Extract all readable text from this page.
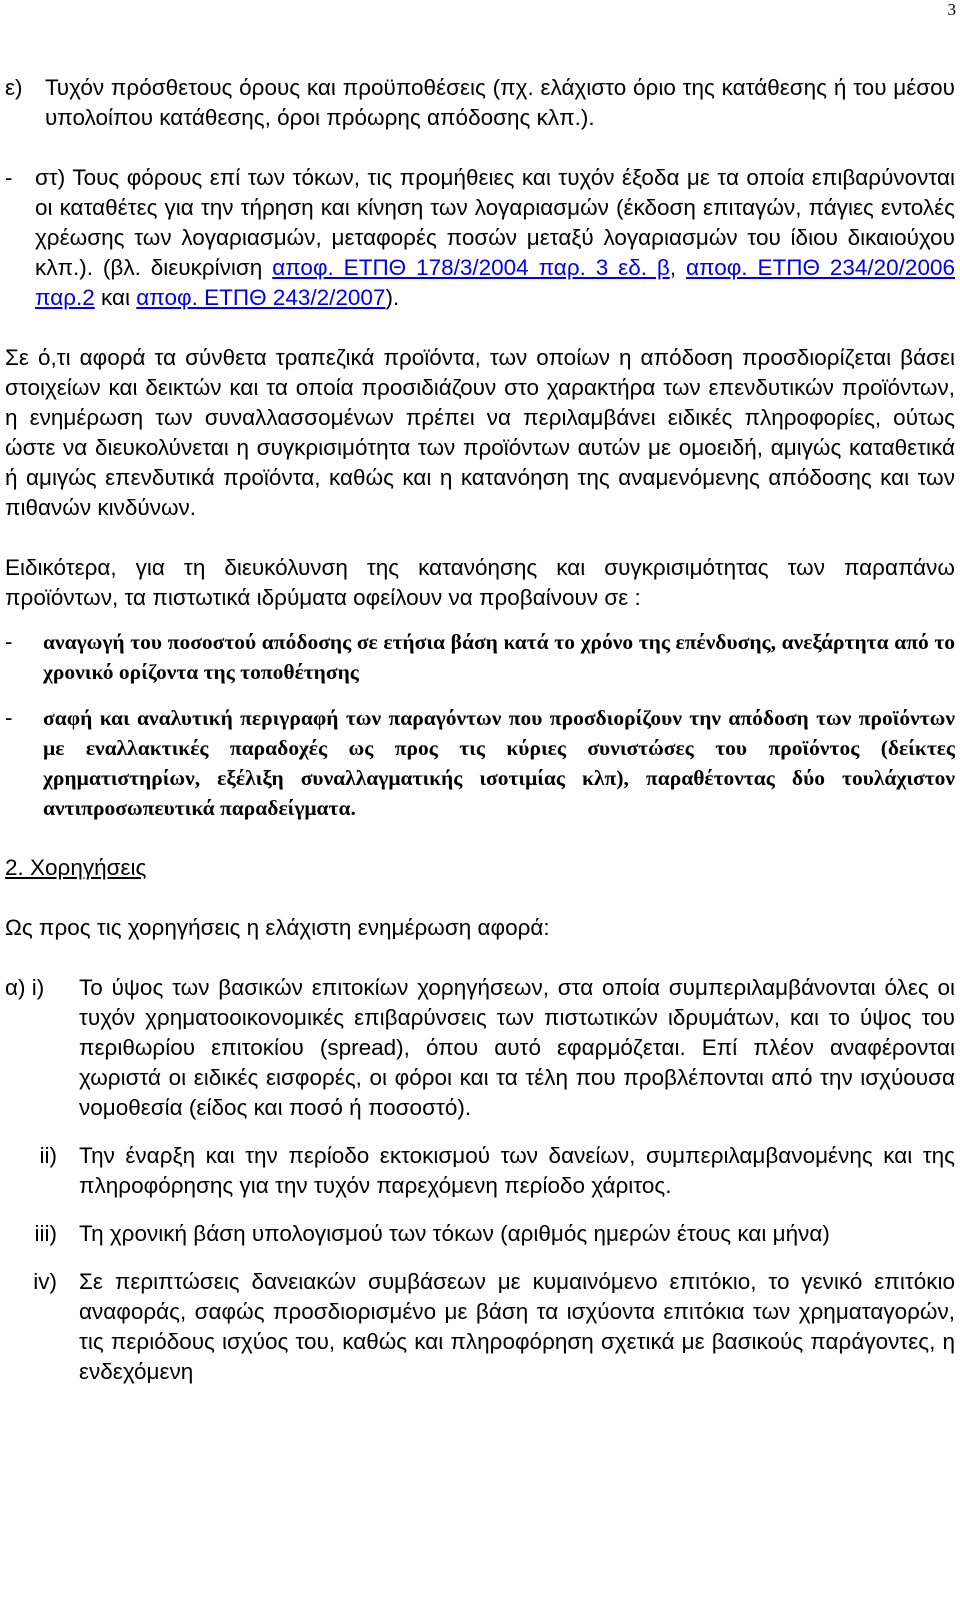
3
ε) Τυχόν πρόσθετους όρους και προϋποθέσεις (πχ. ελάχιστο όριο της κατάθεσης ή του μέσου υπολοίπου κατάθεσης, όροι πρόωρης απόδοσης κλπ.).

-	στ) Τους φόρους επί των τόκων, τις προμήθειες και τυχόν έξοδα με τα οποία επιβαρύνονται οι καταθέτες για την τήρηση και κίνηση των λογαριασμών (έκδοση επιταγών, πάγιες εντολές χρέωσης των λογαριασμών, μεταφορές ποσών μεταξύ λογαριασμών του ίδιου δικαιούχου κλπ.). (βλ. διευκρίνιση αποφ. ΕΤΠΘ 178/3/2004 παρ. 3 εδ. β, αποφ. ΕΤΠΘ 234/20/2006 παρ.2 και αποφ. ΕΤΠΘ 243/2/2007).

Σε ό,τι αφορά τα σύνθετα τραπεζικά προϊόντα, των οποίων η απόδοση προσδιορίζεται βάσει στοιχείων και δεικτών και τα οποία προσιδιάζουν στο χαρακτήρα των επενδυτικών προϊόντων, η ενημέρωση των συναλλασσομένων πρέπει να περιλαμβάνει ειδικές πληροφορίες, ούτως ώστε να διευκολύνεται η συγκρισιμότητα των προϊόντων αυτών με ομοειδή, αμιγώς καταθετικά ή αμιγώς επενδυτικά προϊόντα, καθώς και η κατανόηση της αναμενόμενης απόδοσης και των πιθανών κινδύνων.

Ειδικότερα, για τη διευκόλυνση της κατανόησης και συγκρισιμότητας των παραπάνω προϊόντων, τα πιστωτικά ιδρύματα οφείλουν να προβαίνουν σε :

-	αναγωγή του ποσοστού απόδοσης σε ετήσια βάση κατά το χρόνο της επένδυσης, ανεξάρτητα από το χρονικό ορίζοντα της τοποθέτησης

-	σαφή και αναλυτική περιγραφή των παραγόντων που προσδιορίζουν την απόδοση των προϊόντων με εναλλακτικές παραδοχές ως προς τις κύριες συνιστώσες του προϊόντος (δείκτες χρηματιστηρίων, εξέλιξη συναλλαγματικής ισοτιμίας κλπ), παραθέτοντας δύο τουλάχιστον αντιπροσωπευτικά παραδείγματα.

2. Χορηγήσεις

Ως προς τις χορηγήσεις η ελάχιστη ενημέρωση αφορά:

α) i)	Το ύψος των βασικών επιτοκίων χορηγήσεων, στα οποία συμπεριλαμβάνονται όλες οι τυχόν χρηματοοικονομικές επιβαρύνσεις των πιστωτικών ιδρυμάτων, και το ύψος του περιθωρίου επιτοκίου (spread), όπου αυτό εφαρμόζεται. Επί πλέον αναφέρονται χωριστά οι ειδικές εισφορές, οι φόροι και τα τέλη που προβλέπονται από την ισχύουσα νομοθεσία (είδος και ποσό ή ποσοστό).

ii) Την έναρξη και την περίοδο εκτοκισμού των δανείων, συμπεριλαμβανομένης και της πληροφόρησης για την τυχόν παρεχόμενη περίοδο χάριτος.

iii) Τη χρονική βάση υπολογισμού των τόκων (αριθμός ημερών έτους και μήνα)

iv) Σε περιπτώσεις δανειακών συμβάσεων με κυμαινόμενο επιτόκιο, το γενικό επιτόκιο αναφοράς, σαφώς προσδιορισμένο με βάση τα ισχύοντα επιτόκια των χρηματαγορών, τις περιόδους ισχύος του, καθώς και πληροφόρηση σχετικά με βασικούς παράγοντες, η ενδεχόμενη
